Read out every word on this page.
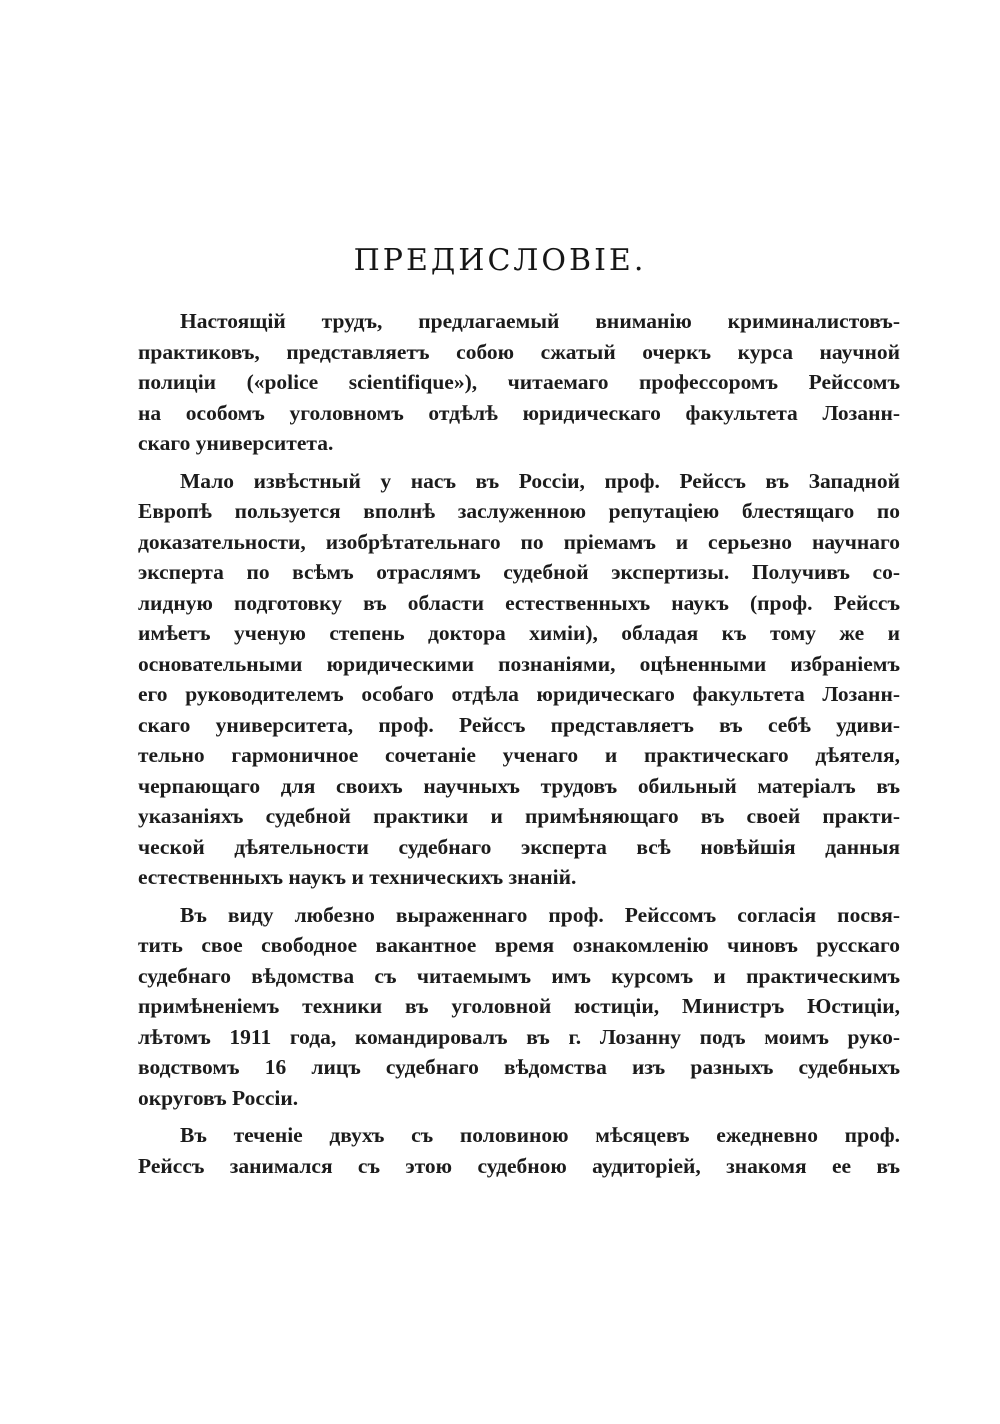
ПРЕДИСЛОВІЕ.
Настоящій трудъ, предлагаемый вниманію криминалистовъ-
практиковъ, представляетъ собою сжатый очеркъ курса научной
полиціи («police scientifique»), читаемаго профессоромъ Рейссомъ
на особомъ уголовномъ отдѣлѣ юридическаго факультета Лозанн-
скаго университета.
Мало извѣстный у насъ въ Россіи, проф. Рейссъ въ Западной
Европѣ пользуется вполнѣ заслуженною репутаціею блестящаго по
доказательности, изобрѣтательнаго по пріемамъ и серьезно научнаго
эксперта по всѣмъ отраслямъ судебной экспертизы. Получивъ со-
лидную подготовку въ области естественныхъ наукъ (проф. Рейссъ
имѣетъ ученую степень доктора химіи), обладая къ тому же и
основательными юридическими познаніями, оцѣненными избраніемъ
его руководителемъ особаго отдѣла юридическаго факультета Лозанн-
скаго университета, проф. Рейссъ представляетъ въ себѣ удиви-
тельно гармоничное сочетаніе ученаго и практическаго дѣятеля,
черпающаго для своихъ научныхъ трудовъ обильный матеріалъ въ
указаніяхъ судебной практики и примѣняющаго въ своей практи-
ческой дѣятельности судебнаго эксперта всѣ новѣйшія данныя
естественныхъ наукъ и техническихъ знаній.
Въ виду любезно выраженнаго проф. Рейссомъ согласія посвя-
тить свое свободное вакантное время ознакомленію чиновъ русскаго
судебнаго вѣдомства съ читаемымъ имъ курсомъ и практическимъ
примѣненіемъ техники въ уголовной юстиціи, Министръ Юстиціи,
лѣтомъ 1911 года, командировалъ въ г. Лозанну подъ моимъ руко-
водствомъ 16 лицъ судебнаго вѣдомства изъ разныхъ судебныхъ
округовъ Россіи.
Въ теченіе двухъ съ половиною мѣсяцевъ ежедневно проф.
Рейссъ занимался съ этою судебною аудиторіей, знакомя ее въ
